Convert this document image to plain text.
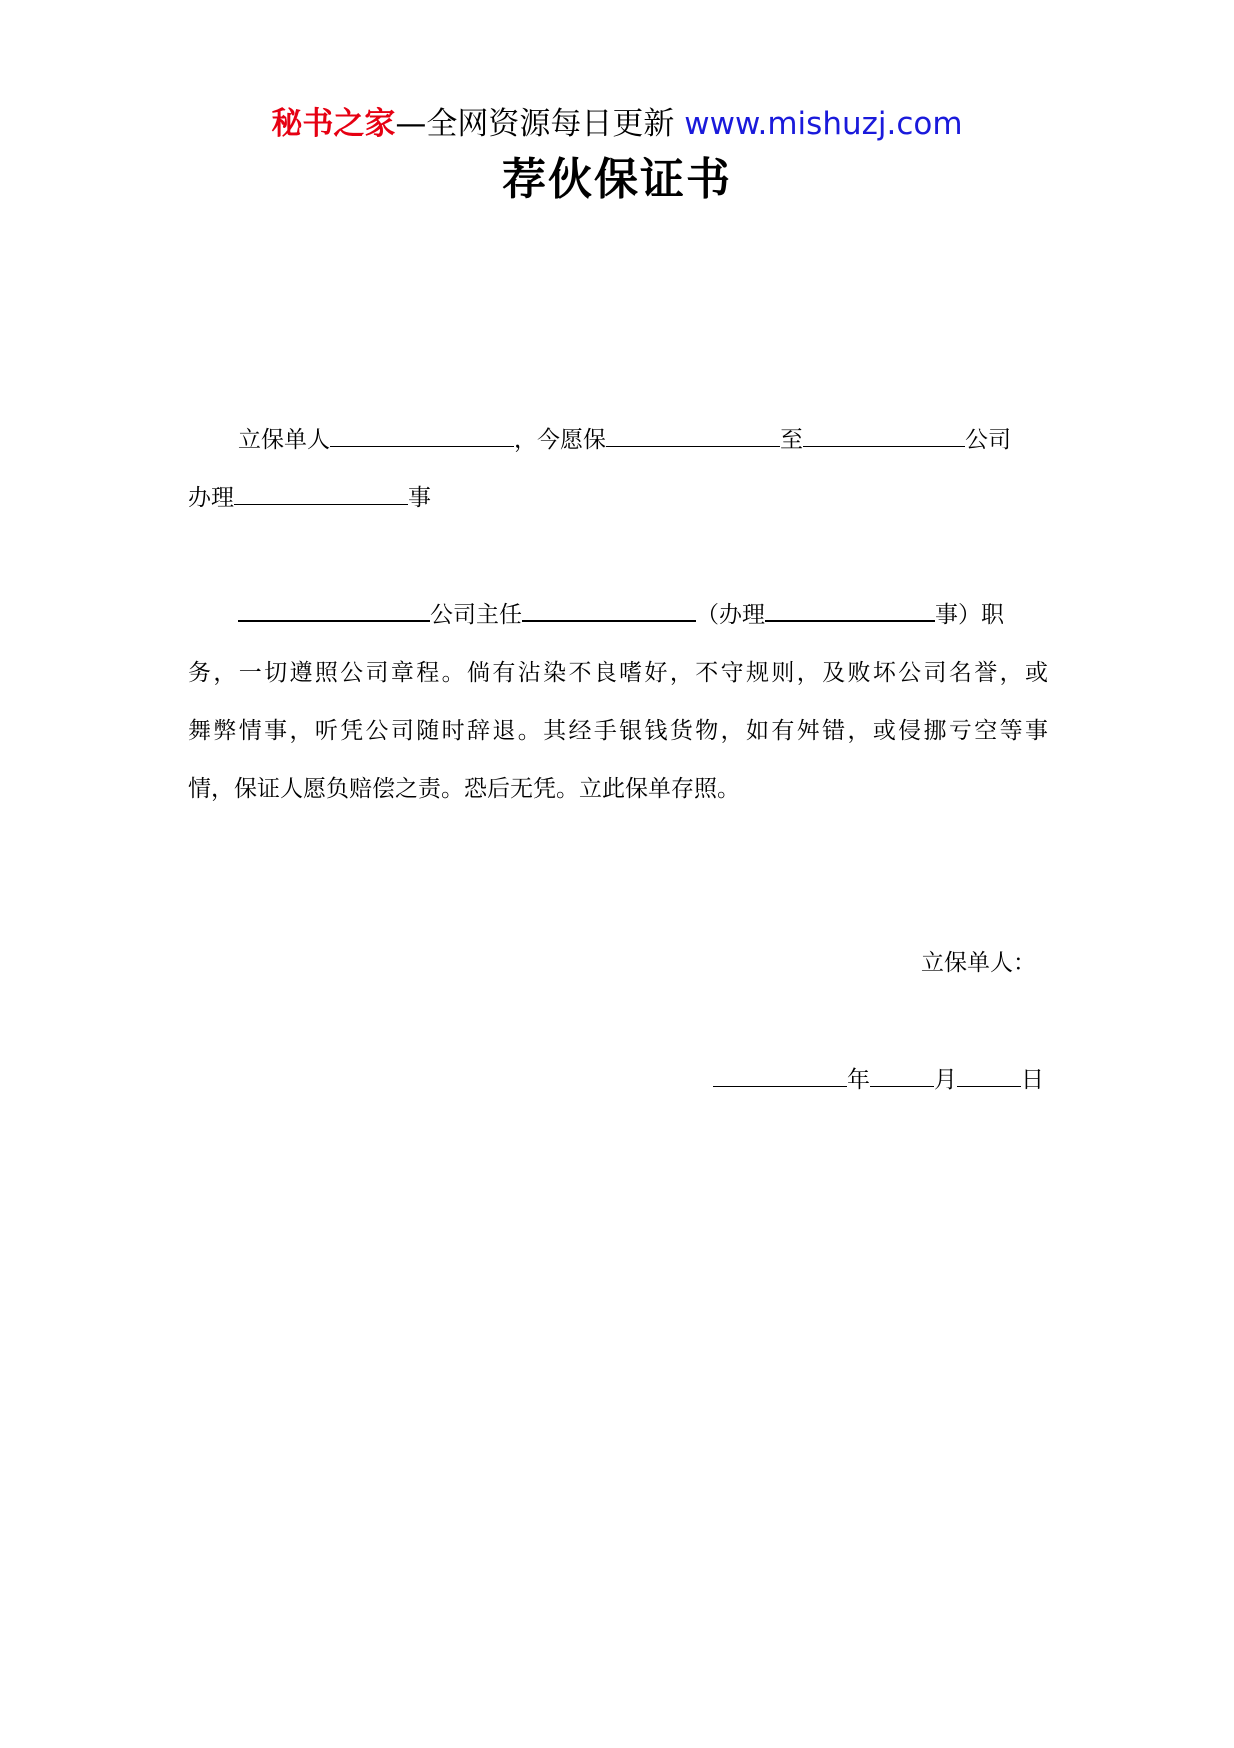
秘书之家—全网资源每日更新 www.mishuzj.com
荐伙保证书
立保单人	，今愿保	至	公司
办理	事
公司主任	（办理	事）职
务，一切遵照公司章程。倘有沾染不良嗜好，不守规则，及败坏公司名誉，或
舞弊情事，听凭公司随时辞退。其经手银钱货物，如有舛错，或侵挪亏空等事
情，保证人愿负赔偿之责。恐后无凭。立此保单存照。
立保单人：
年	月	日
